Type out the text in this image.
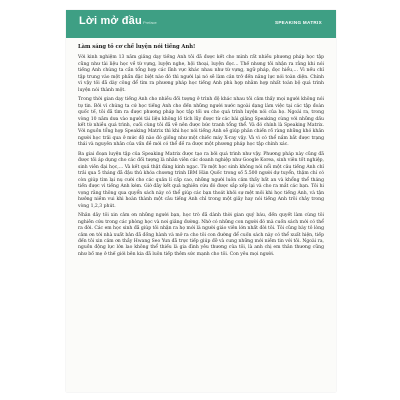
Lời mở đầu Preface	SPEAKING MATRIX
Làm sáng tỏ cơ chế luyện nói tiếng Anh!

Với kinh nghiệm 13 năm giảng dạy tiếng Anh tôi đã được kết cho mình rất nhiều phương pháp học tập cũng như tài liệu học về từ vựng, luyện nghe, hội thoại, luyện đọc… Thế nhưng tôi nhận ra rằng khi nói tiếng Anh chúng ta cần tổng hợp các lĩnh vực khác nhau như từ vựng, ngữ pháp, đọc hiểu,… Vì nếu chỉ tập trung vào một phần đặc biệt nào đó thì người lại nó sẽ làm cản trở đến năng lực nói toàn diện. Chính vì vậy tôi đã dày công để tìm ra phương pháp học tiếng Anh phù hợp nhằm hợp nhất toàn bộ quá trình luyện nói thành một.

Trong thời gian dạy tiếng Anh cho nhiều đối tượng ở trình độ khác nhau tôi cảm thấy mọi người không nói tự tin. Bởi vì chúng ta cứ học tiếng Anh cho đến những người nước ngoài dạng làm việc tại các tập đoàn quốc tế, tôi đã tìm ra được phương pháp học tập tối ưu cho quá trình luyện nói của họ. Ngoài ra, trong vòng 10 năm dưa vào người tài liệu không lồ tích lũy được từ các bài giảng Speaking cùng với những dấu kết từ nhiều quá trình, cuối cùng tôi đã vẽ nên được bức tranh tổng thể. Và đó chính là Speaking Matrix. Với nguồn tổng hợp Speaking Matrix thì khi học nói tiếng Anh sẽ giúp phân chiến rõ ràng những khó khăn người học trải qua ở mức độ nào đó giống như một chiếc máy X-ray vậy. Và vì có thể nắm bắt được trạng thái và nguyên nhân của vấn đề mới có thể đề ra được một phương pháp học tập chính xác.

Ba giai đoạn luyện tập của Speaking Matrix được tạo ra bởi quá trình như vậy. Phương pháp này cũng đã được tôi áp dụng cho các đối tượng là nhân viên các doanh nghiệp như Google Korea, sinh viên tốt nghiệp, sinh viên đại học,… Và kết quả thật đáng kinh ngạc. Từ một học sinh không nói nổi một câu tiếng Anh chỉ trải qua 5 tháng đã đậu thủ khóa chương trình IBM Hàn Quốc trong số 5.500 người dự tuyển, thậm chí có còn giúp tìm lại nụ cười cho các quản lí cấp cao, những người luôn cảm thấy bất an và khổng thể tháng tiến được vì tiếng Anh kém. Giờ đây kết quả nghiên cứu đó được sắp xếp lại và cho ra mắt các bạn. Tôi hi vọng rằng thông qua quyển sách này có thể giúp các bạn thoát khỏi sự mệt mỏi khi học tiếng Anh, và tận hưởng niềm vui khi hoàn thành một câu tiếng Anh chỉ trong một giây hay nói tiếng Anh trôi chảy trong vòng 1,2,3 phút.

Nhân dây tôi xin cảm ơn những người bạn, học trò đã dành thời gian quý báu, đến quyết làm cùng tôi nghiên cứu trong các phòng học và nơi giảng đường. Nhờ có những con người đó mà cuốn sách mới có thể ra đời. Các em học sinh đã giúp tôi nhận ra họ mới là người giáo viên lớn nhất đời tôi. Tôi cũng bày tỏ lòng cảm ơn tới nhà xuất bản đã đồng hành và mở ra cho tôi con đường để cuốn sách này có thể xuất hiện, tiếp đến tôi xin cảm ơn thầy Hwang Seo Yun đã trực tiếp giúp đỡ và cung những mới niềm tin với tôi. Ngoài ra, nguồn động lực lớn lao không thể thiếu là gia đình yêu thương của tôi, là anh chị em thân thương cũng như bố mẹ ở thế giới bên kia đã luôn tiếp thêm sức mạnh cho tôi. Con yêu mọi người.
